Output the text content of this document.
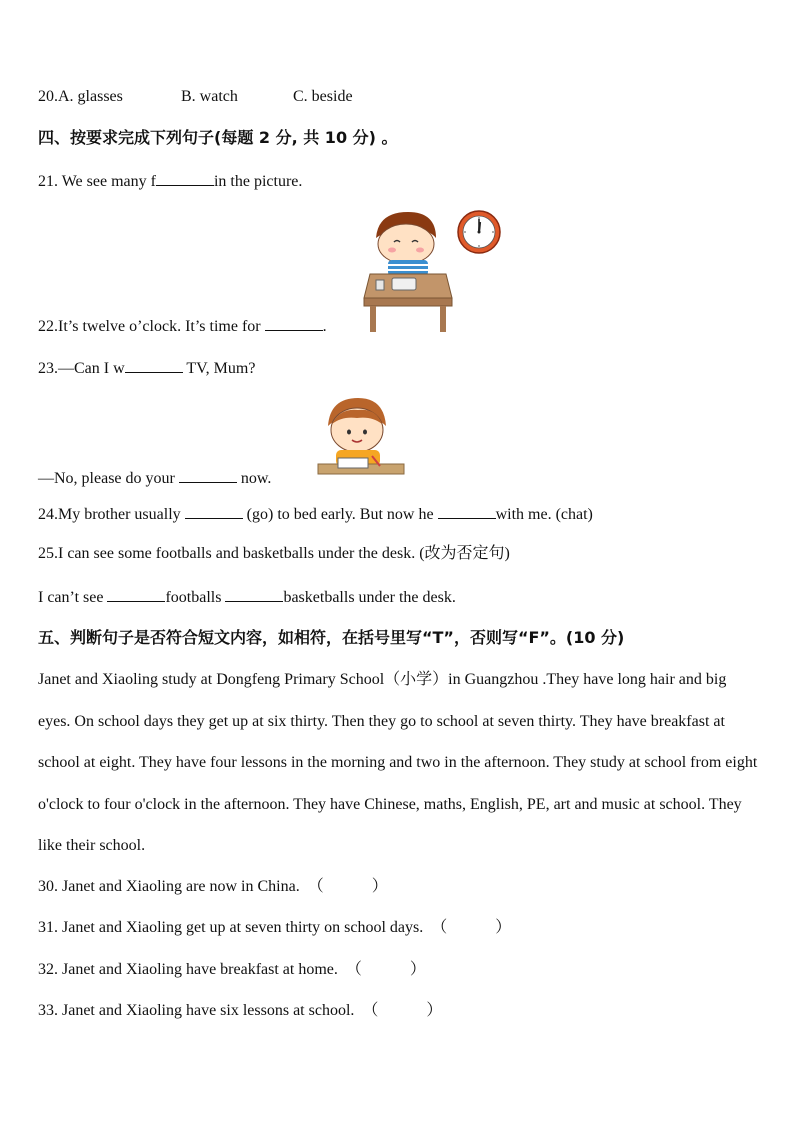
20.A. glasses	B. watch	C. beside
四、按要求完成下列句子(每题 2 分, 共 10 分) 。
21. We see many f	in the picture.
22.It’s twelve o’clock. It’s time for	.
23.—Can I w	TV, Mum?
—No, please do your	now.
24.My brother usually	(go) to bed early. But now he	with me. (chat)
25.I can see some footballs and basketballs under the desk. (改为否定句)
I can’t see	footballs	basketballs under the desk.
五、判断句子是否符合短文内容，如相符，在括号里写“T”，否则写“F”。(10 分)
Janet and Xiaoling study at Dongfeng Primary School（小学）in Guangzhou .They have long hair and big eyes. On school days they get up at six thirty. Then they go to school at seven thirty. They have breakfast at school at eight. They have four lessons in the morning and two in the afternoon. They study at school from eight o'clock to four o'clock in the afternoon. They have Chinese, maths, English, PE, art and music at school. They like their school.
30. Janet and Xiaoling are now in China. （　　　）
31. Janet and Xiaoling get up at seven thirty on school days. （　　　）
32. Janet and Xiaoling have breakfast at home. （　　　）
33. Janet and Xiaoling have six lessons at school. （　　　）
